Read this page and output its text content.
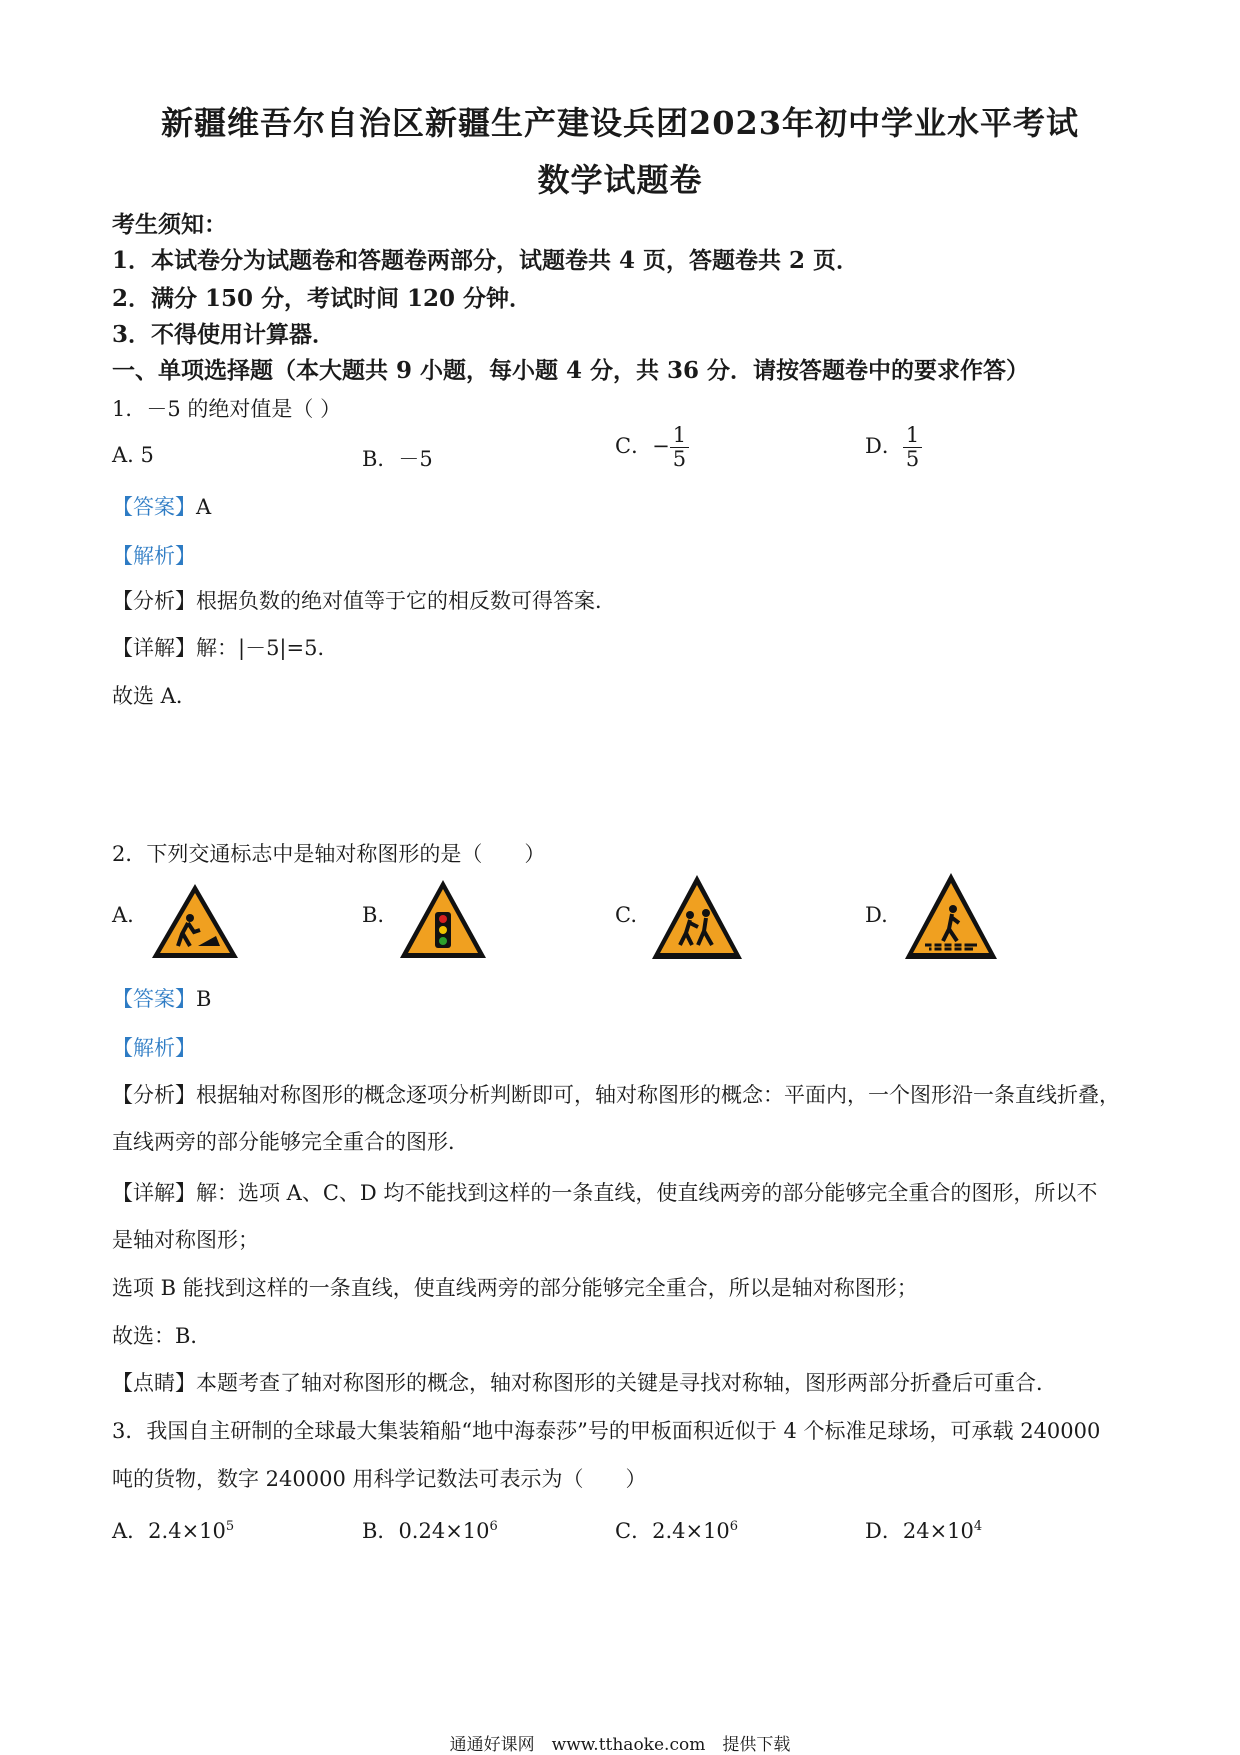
新疆维吾尔自治区新疆生产建设兵团2023年初中学业水平考试
数学试题卷
考生须知：
1．本试卷分为试题卷和答题卷两部分，试题卷共 4 页，答题卷共 2 页．
2．满分 150 分，考试时间 120 分钟．
3．不得使用计算器．
一、单项选择题（本大题共 9 小题，每小题 4 分，共 36 分．请按答题卷中的要求作答）
1．－5 的绝对值是（ ）
A. 5	B．－5
C．− $\frac{1}{5}$	D． $\frac{1}{5}$
【答案】A
【解析】
【分析】根据负数的绝对值等于它的相反数可得答案．
【详解】解：|－5|=5．
故选 A．
2．下列交通标志中是轴对称图形的是（　　）
A.	B.	C.	D.
【答案】B
【解析】
【分析】根据轴对称图形的概念逐项分析判断即可，轴对称图形的概念：平面内，一个图形沿一条直线折叠，
直线两旁的部分能够完全重合的图形．
【详解】解：选项 A、C、D 均不能找到这样的一条直线，使直线两旁的部分能够完全重合的图形，所以不
是轴对称图形；
选项 B 能找到这样的一条直线，使直线两旁的部分能够完全重合，所以是轴对称图形；
故选：B．
【点睛】本题考查了轴对称图形的概念，轴对称图形的关键是寻找对称轴，图形两部分折叠后可重合．
3．我国自主研制的全球最大集装箱船“地中海泰莎”号的甲板面积近似于 4 个标准足球场，可承载 240000
吨的货物，数字 240000 用科学记数法可表示为（　　）
A．$2.4\times 10^5$	B．$0.24\times 10^6$	C．$2.4\times 10^6$	D．$24\times 10^4$
通通好课网　www.tthaoke.com　提供下载
